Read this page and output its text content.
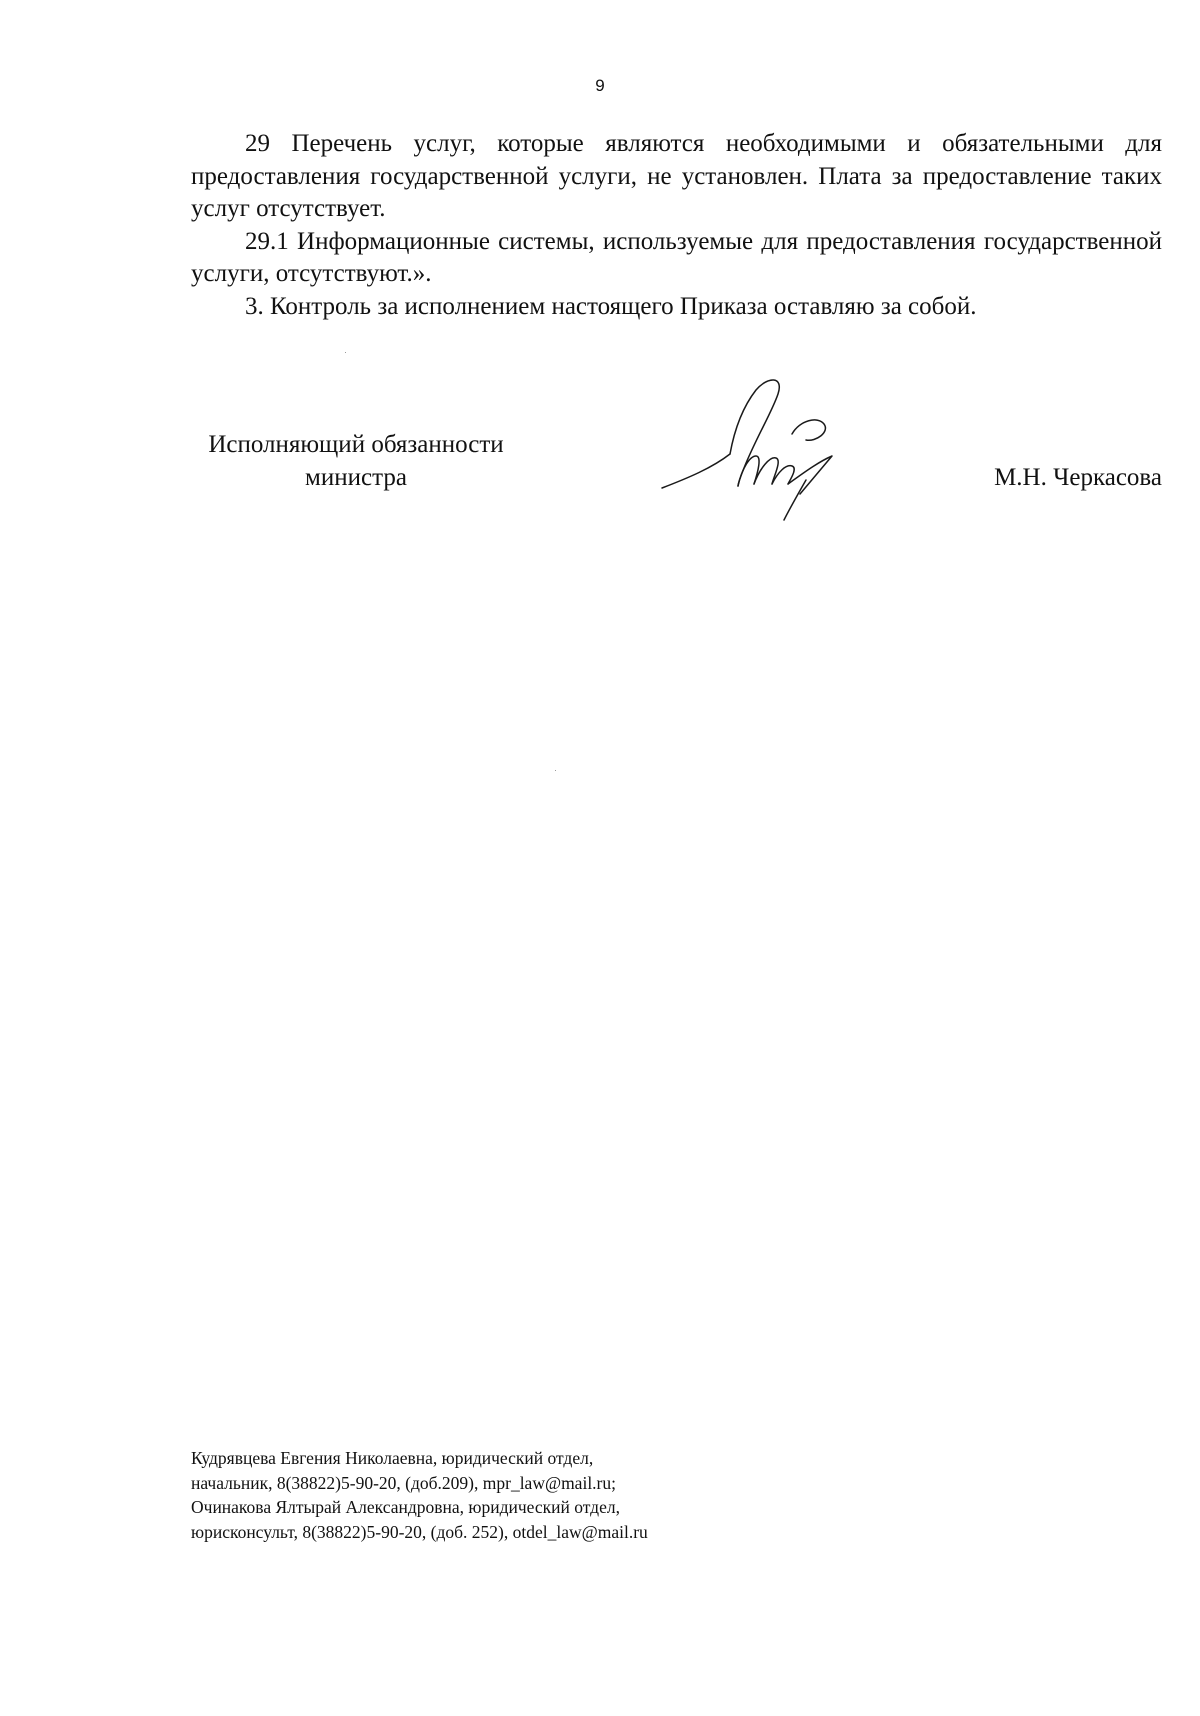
9

29 Перечень услуг, которые являются необходимыми и обязательными для предоставления государственной услуги, не установлен. Плата за предоставление таких услуг отсутствует.

29.1 Информационные системы, используемые для предоставления государственной услуги, отсутствуют.».

3. Контроль за исполнением настоящего Приказа оставляю за собой.

Исполняющий обязанности
министра	М.Н. Черкасова
Кудрявцева Евгения Николаевна, юридический отдел,
начальник, 8(38822)5-90-20, (доб.209), mpr_law@mail.ru;
Очинакова Ялтырай Александровна, юридический отдел,
юрисконсульт, 8(38822)5-90-20, (доб. 252), otdel_law@mail.ru
